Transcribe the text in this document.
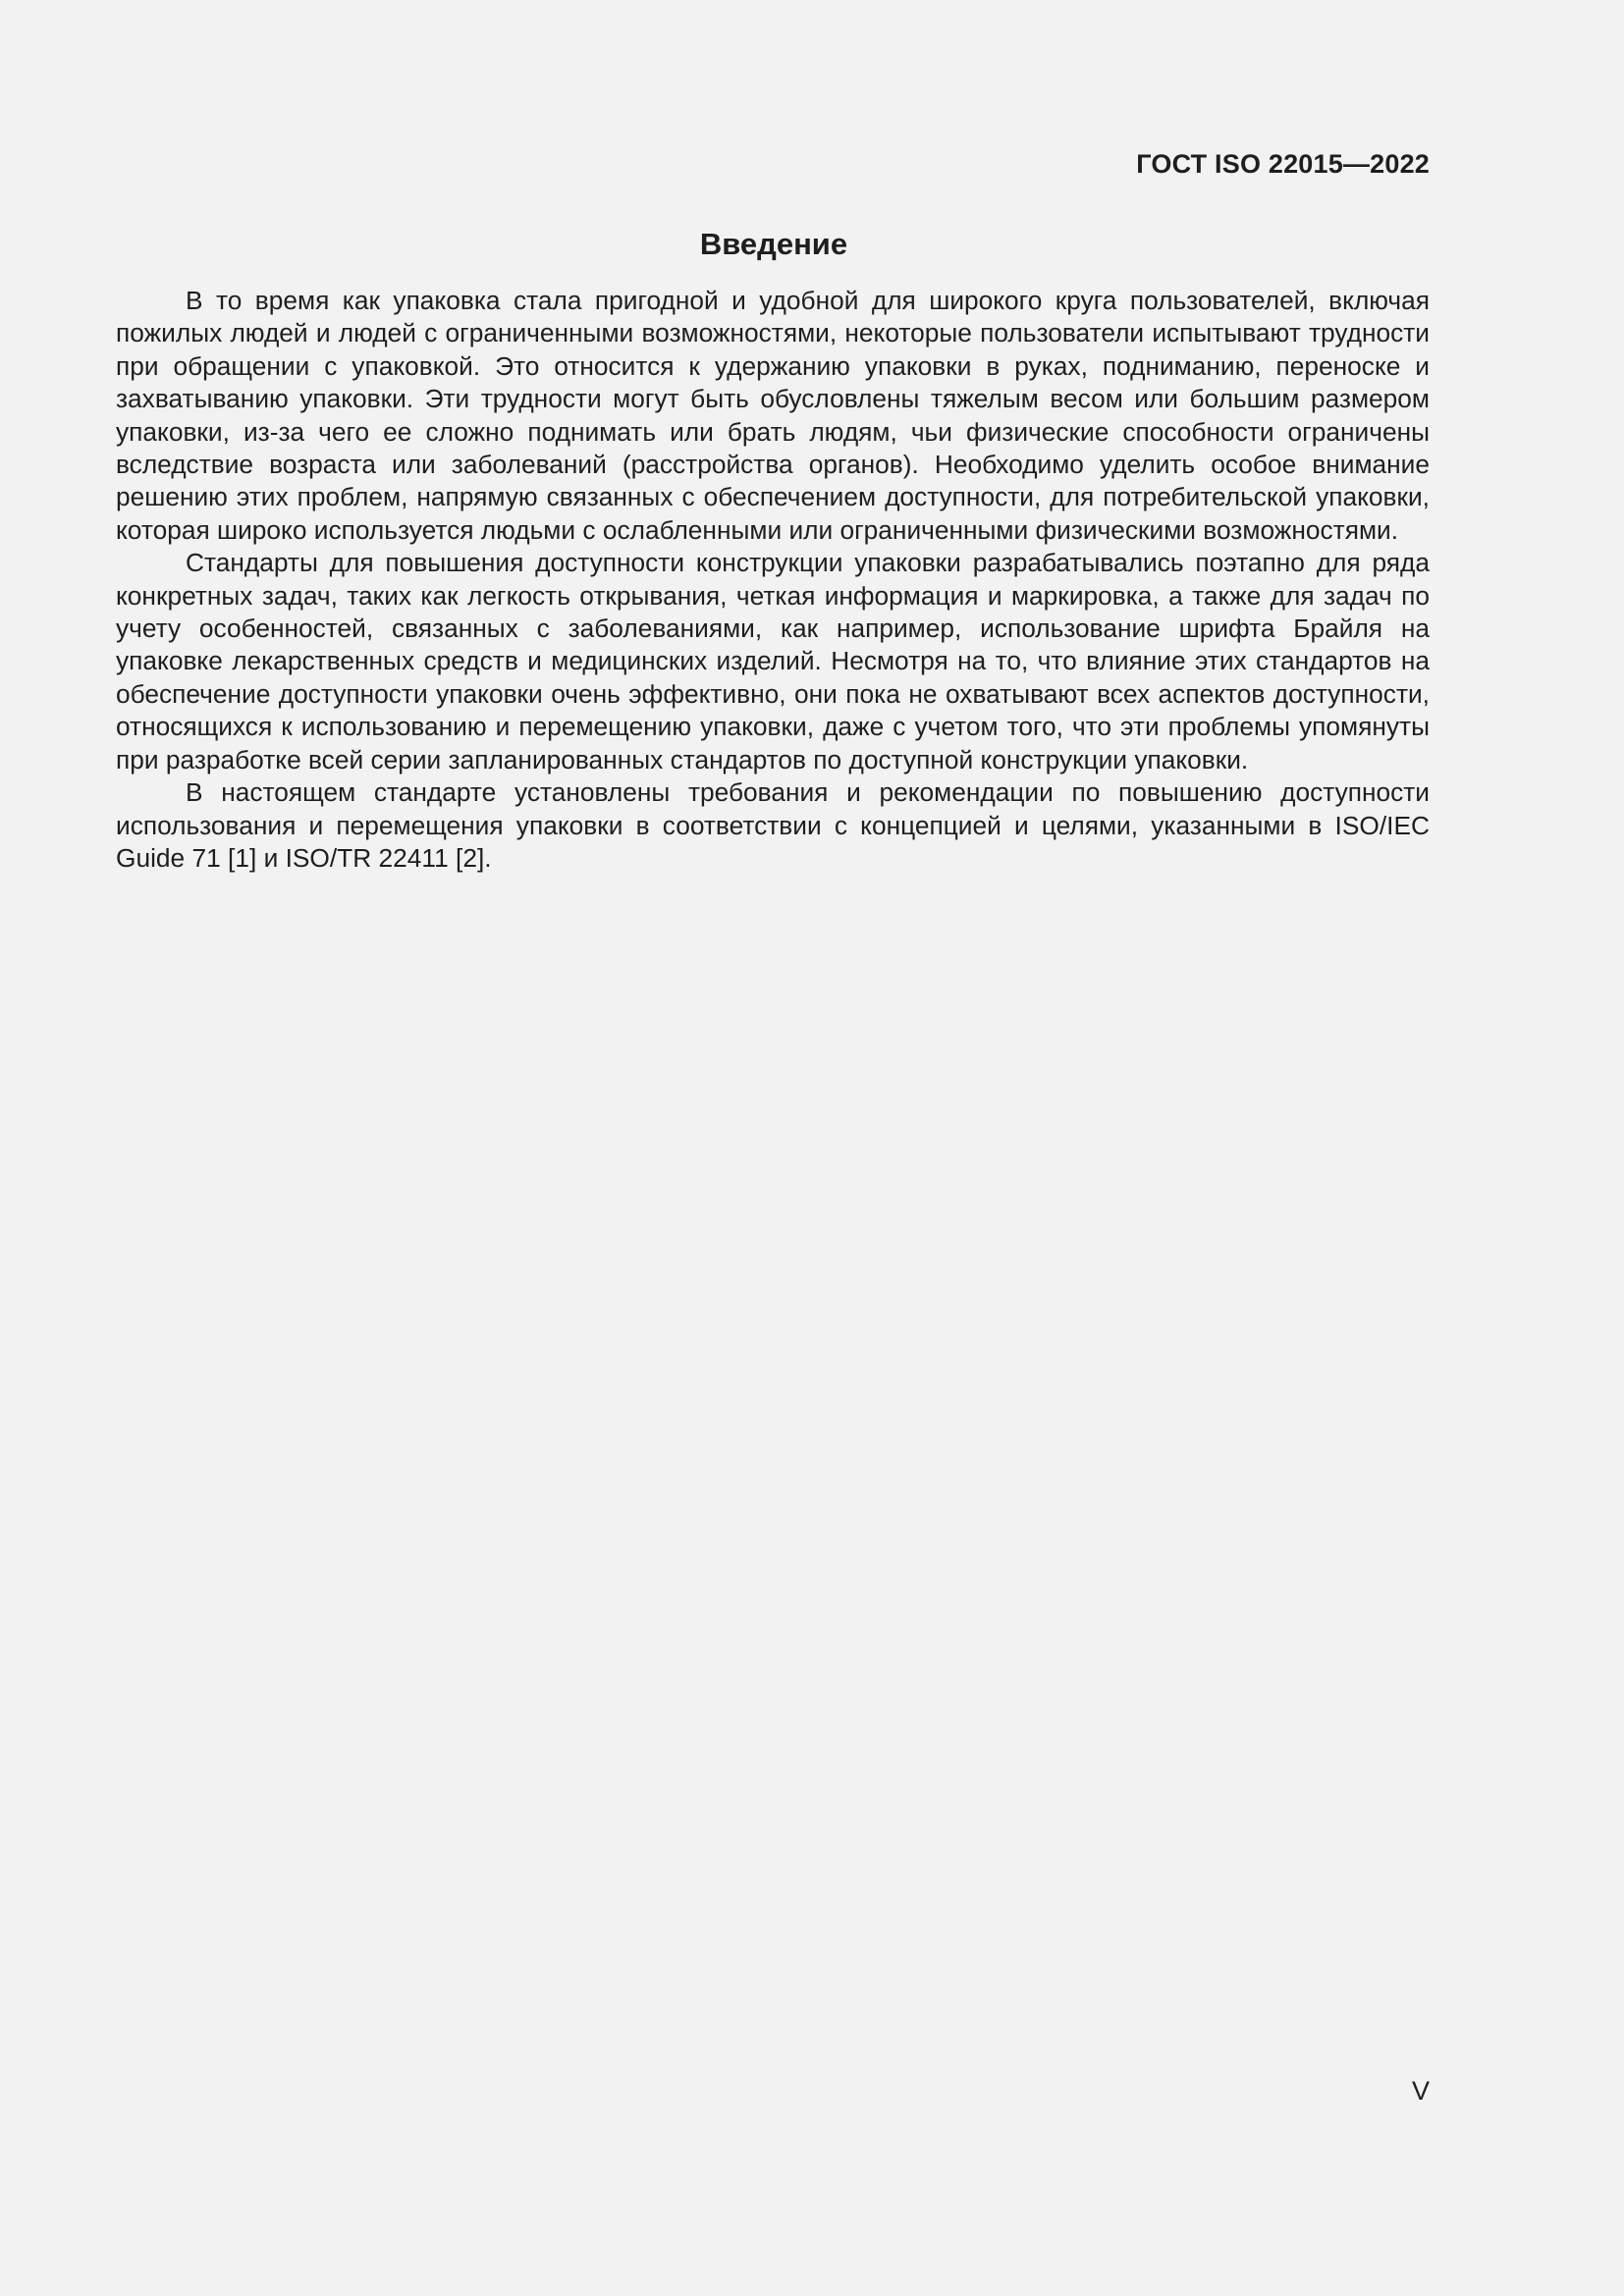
ГОСТ ISO 22015—2022
Введение

В то время как упаковка стала пригодной и удобной для широкого круга пользователей, включая пожилых людей и людей с ограниченными возможностями, некоторые пользователи испытывают трудности при обращении с упаковкой. Это относится к удержанию упаковки в руках, подниманию, переноске и захватыванию упаковки. Эти трудности могут быть обусловлены тяжелым весом или большим размером упаковки, из-за чего ее сложно поднимать или брать людям, чьи физические способности ограничены вследствие возраста или заболеваний (расстройства органов). Необходимо уделить особое внимание решению этих проблем, напрямую связанных с обеспечением доступности, для потребительской упаковки, которая широко используется людьми с ослабленными или ограниченными физическими возможностями.

Стандарты для повышения доступности конструкции упаковки разрабатывались поэтапно для ряда конкретных задач, таких как легкость открывания, четкая информация и маркировка, а также для задач по учету особенностей, связанных с заболеваниями, как например, использование шрифта Брайля на упаковке лекарственных средств и медицинских изделий. Несмотря на то, что влияние этих стандартов на обеспечение доступности упаковки очень эффективно, они пока не охватывают всех аспектов доступности, относящихся к использованию и перемещению упаковки, даже с учетом того, что эти проблемы упомянуты при разработке всей серии запланированных стандартов по доступной конструкции упаковки.

В настоящем стандарте установлены требования и рекомендации по повышению доступности использования и перемещения упаковки в соответствии с концепцией и целями, указанными в ISO/IEC Guide 71 [1] и ISO/TR 22411 [2].

V
